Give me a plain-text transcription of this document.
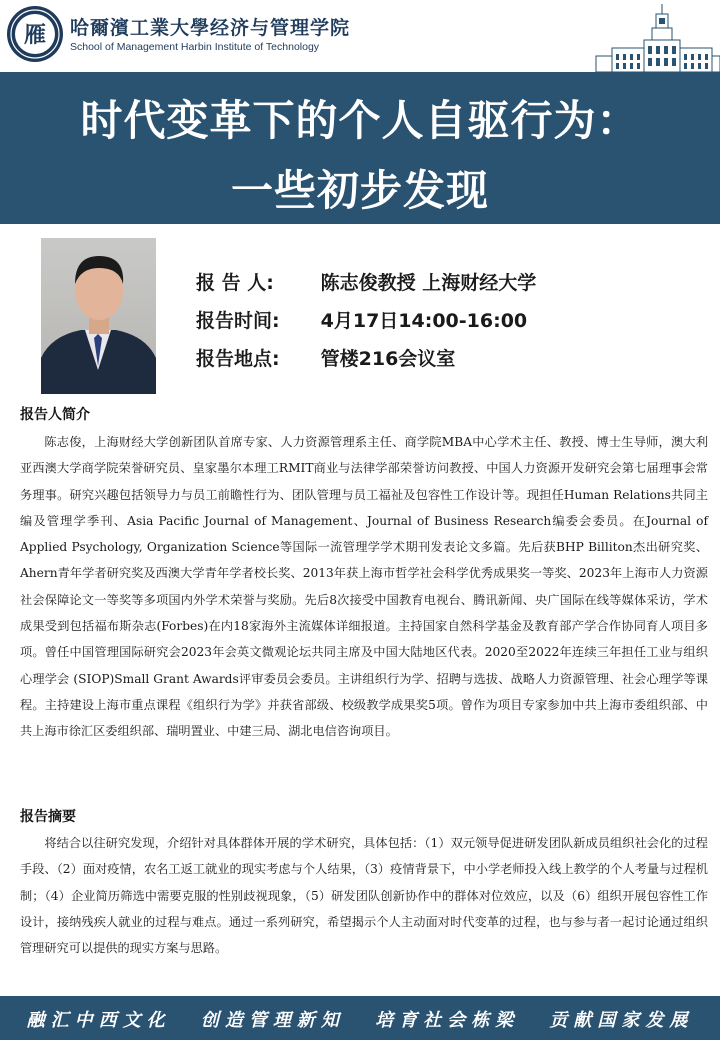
雁 哈爾濱工業大學经济与管理学院
School of Management Harbin Institute of Technology
时代变革下的个人自驱行为：
一些初步发现
报 告 人: 陈志俊教授 上海财经大学
报告时间: 4月17日14:00-16:00
报告地点: 管楼216会议室
报告人简介
陈志俊，上海财经大学创新团队首席专家、人力资源管理系主任、商学院MBA中心学术主任、教授、博士生导师，澳大利亚西澳大学商学院荣誉研究员、皇家墨尔本理工RMIT商业与法律学部荣誉访问教授、中国人力资源开发研究会第七届理事会常务理事。研究兴趣包括领导力与员工前瞻性行为、团队管理与员工福祉及包容性工作设计等。现担任Human Relations共同主编及管理学季刊、Asia Pacific Journal of Management、Journal of Business Research编委会委员。在Journal of Applied Psychology, Organization Science等国际一流管理学学术期刊发表论文多篇。先后获BHP Billiton杰出研究奖、Ahern青年学者研究奖及西澳大学青年学者校长奖、2013年获上海市哲学社会科学优秀成果奖一等奖、2023年上海市人力资源社会保障论文一等奖等多项国内外学术荣誉与奖励。先后8次接受中国教育电视台、腾讯新闻、央广国际在线等媒体采访，学术成果受到包括福布斯杂志(Forbes)在内18家海外主流媒体详细报道。主持国家自然科学基金及教育部产学合作协同育人项目多项。曾任中国管理国际研究会2023年会英文微观论坛共同主席及中国大陆地区代表。2020至2022年连续三年担任工业与组织心理学会 (SIOP)Small Grant Awards评审委员会委员。主讲组织行为学、招聘与选拔、战略人力资源管理、社会心理学等课程。主持建设上海市重点课程《组织行为学》并获省部级、校级教学成果奖5项。曾作为项目专家参加中共上海市委组织部、中共上海市徐汇区委组织部、瑞明置业、中建三局、湖北电信咨询项目。
报告摘要
将结合以往研究发现，介绍针对具体群体开展的学术研究，具体包括：（1）双元领导促进研发团队新成员组织社会化的过程手段、（2）面对疫情，农名工返工就业的现实考虑与个人结果，（3）疫情背景下，中小学老师投入线上教学的个人考量与过程机制；（4）企业简历筛选中需要克服的性别歧视现象，（5）研发团队创新协作中的群体对位效应，以及（6）组织开展包容性工作设计，接纳残疾人就业的过程与难点。通过一系列研究，希望揭示个人主动面对时代变革的过程，也与参与者一起讨论通过组织管理研究可以提供的现实方案与思路。
融汇中西文化 创造管理新知 培育社会栋梁 贡献国家发展
